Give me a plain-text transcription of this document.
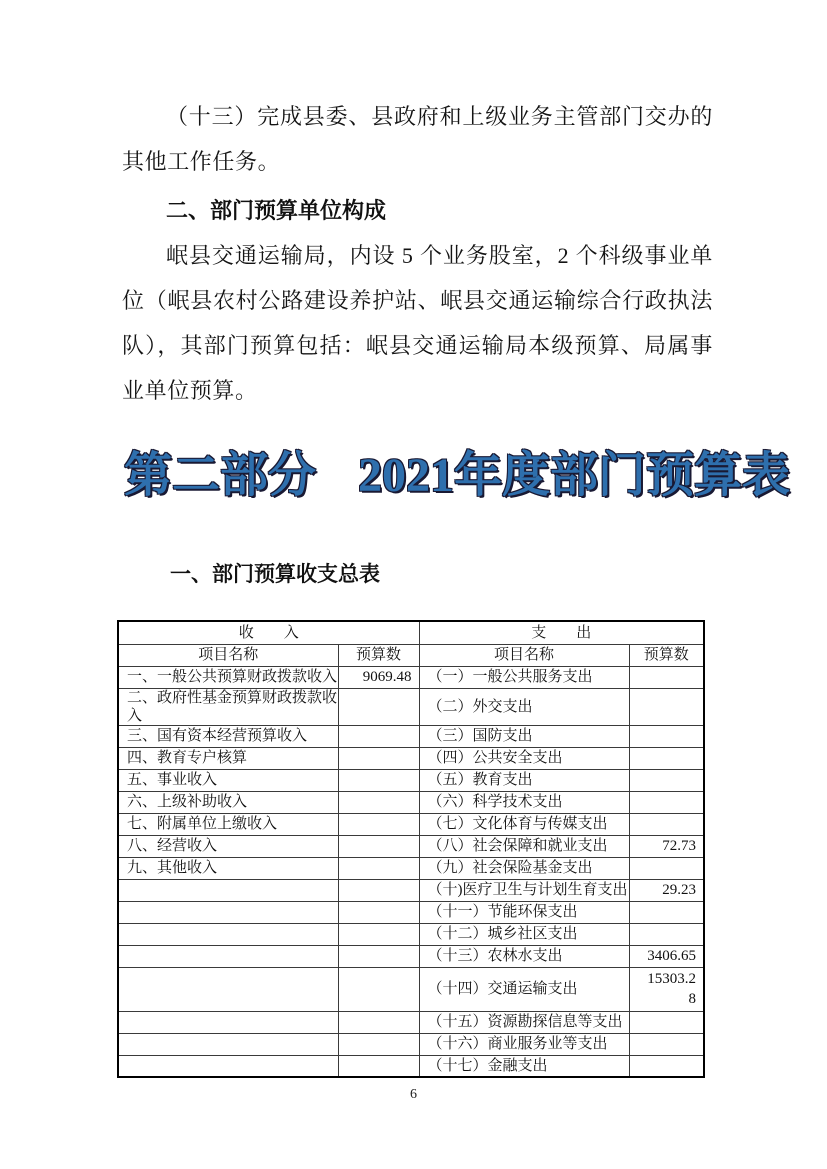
（十三）完成县委、县政府和上级业务主管部门交办的其他工作任务。

二、部门预算单位构成

岷县交通运输局，内设 5 个业务股室，2 个科级事业单位（岷县农村公路建设养护站、岷县交通运输综合行政执法队），其部门预算包括：岷县交通运输局本级预算、局属事业单位预算。

第二部分 2021年度部门预算表
一、部门预算收支总表
收　　入		支　　出	
项目名称	预算数	项目名称	预算数
一、一般公共预算财政拨款收入	9069.48	（一）一般公共服务支出	
二、政府性基金预算财政拨款收入		（二）外交支出	
三、国有资本经营预算收入		（三）国防支出	
四、教育专户核算		（四）公共安全支出	
五、事业收入		（五）教育支出	
六、上级补助收入		（六）科学技术支出	
七、附属单位上缴收入		（七）文化体育与传媒支出	
八、经营收入		（八）社会保障和就业支出	72.73
九、其他收入		（九）社会保险基金支出	
		（十)医疗卫生与计划生育支出	29.23
		（十一）节能环保支出	
		（十二）城乡社区支出	
		（十三）农林水支出	3406.65
		（十四）交通运输支出	15303.28
		（十五）资源勘探信息等支出	
		（十六）商业服务业等支出	
		（十七）金融支出	
6
